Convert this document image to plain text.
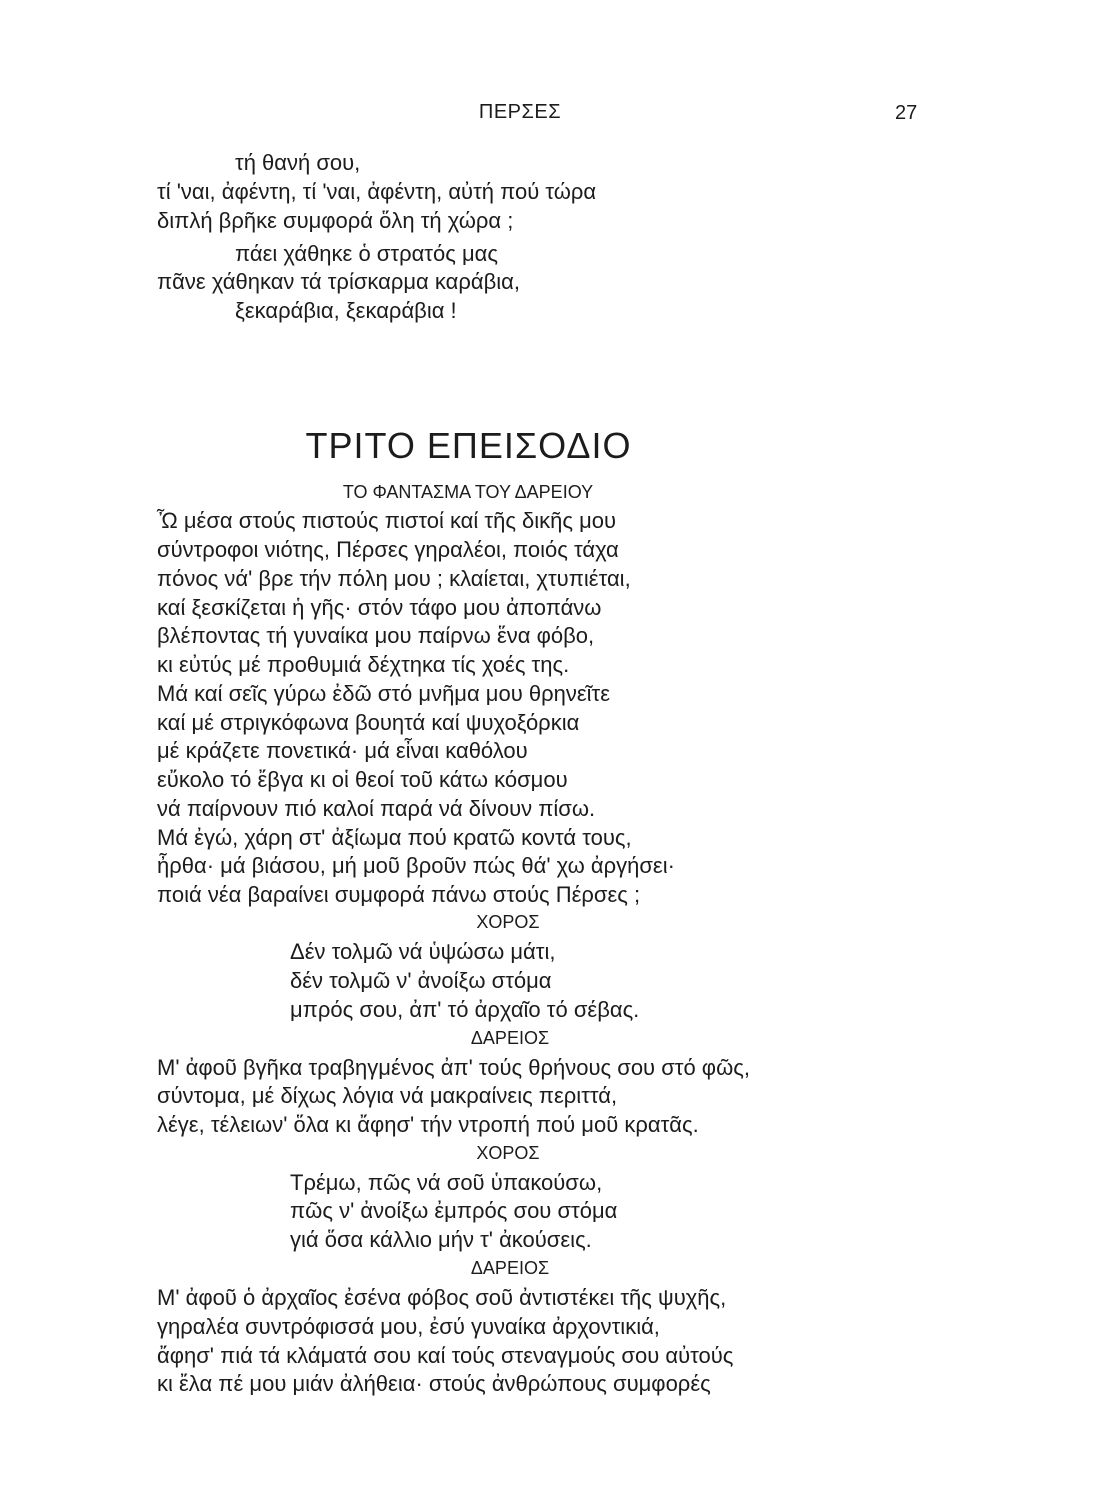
ΠΕΡΣΕΣ	27
τή θανή σου,
τί 'ναι, ἀφέντη, τί 'ναι, ἀφέντη, αὐτή πού τώρα
διπλή βρῆκε συμφορά ὅλη τή χώρα ;
πάει χάθηκε ὁ στρατός μας
πᾶνε χάθηκαν τά τρίσκαρμα καράβια,
ξεκαράβια, ξεκαράβια !
ΤΡΙΤΟ ΕΠΕΙΣΟΔΙΟ
ΤΟ ΦΑΝΤΑΣΜΑ ΤΟΥ ΔΑΡΕΙΟΥ
Ὦ μέσα στούς πιστούς πιστοί καί τῆς δικῆς μου
σύντροφοι νιότης, Πέρσες γηραλέοι, ποιός τάχα
πόνος νά' βρε τήν πόλη μου ; κλαίεται, χτυπιέται,
καί ξεσκίζεται ἡ γῆς· στόν τάφο μου ἀποπάνω
βλέποντας τή γυναίκα μου παίρνω ἕνα φόβο,
κι εὐτύς μέ προθυμιά δέχτηκα τίς χοές της.
Μά καί σεῖς γύρω ἐδῶ στό μνῆμα μου θρηνεῖτε
καί μέ στριγκόφωνα βουητά καί ψυχοξόρκια
μέ κράζετε πονετικά· μά εἶναι καθόλου
εὔκολο τό ἔβγα κι οἱ θεοί τοῦ κάτω κόσμου
νά παίρνουν πιό καλοί παρά νά δίνουν πίσω.
Μά ἐγώ, χάρη στ' ἀξίωμα πού κρατῶ κοντά τους,
ἦρθα· μά βιάσου, μή μοῦ βροῦν πώς θά' χω ἀργήσει·
ποιά νέα βαραίνει συμφορά πάνω στούς Πέρσες ;
ΧΟΡΟΣ
Δέν τολμῶ νά ὑψώσω μάτι,
δέν τολμῶ ν' ἀνοίξω στόμα
μπρός σου, ἀπ' τό ἀρχαῖο τό σέβας.
ΔΑΡΕΙΟΣ
Μ' ἀφοῦ βγῆκα τραβηγμένος ἀπ' τούς θρήνους σου στό φῶς,
σύντομα, μέ δίχως λόγια νά μακραίνεις περιττά,
λέγε, τέλειων' ὅλα κι ἄφησ' τήν ντροπή πού μοῦ κρατᾶς.
ΧΟΡΟΣ
Τρέμω, πῶς νά σοῦ ὑπακούσω,
πῶς ν' ἀνοίξω ἐμπρός σου στόμα
γιά ὅσα κάλλιο μήν τ' ἀκούσεις.
ΔΑΡΕΙΟΣ
Μ' ἀφοῦ ὁ ἀρχαῖος ἐσένα φόβος σοῦ ἀντιστέκει τῆς ψυχῆς,
γηραλέα συντρόφισσά μου, ἐσύ γυναίκα ἀρχοντικιά,
ἄφησ' πιά τά κλάματά σου καί τούς στεναγμούς σου αὐτούς
κι ἔλα πέ μου μιάν ἀλήθεια· στούς ἀνθρώπους συμφορές
